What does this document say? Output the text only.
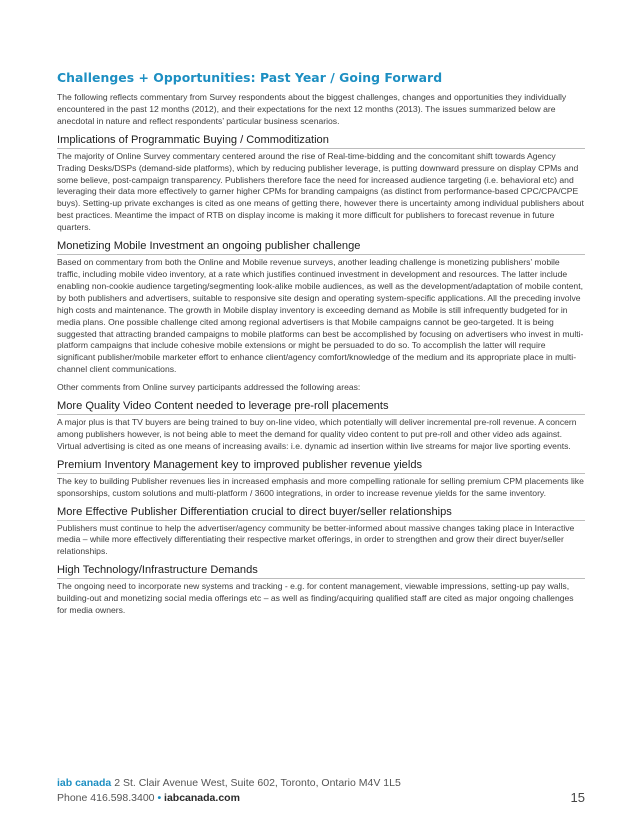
Challenges + Opportunities: Past Year / Going Forward

The following reflects commentary from Survey respondents about the biggest challenges, changes and opportunities they individually encountered in the past 12 months (2012), and their expectations for the next 12 months (2013). The issues summarized below are anecdotal in nature and reflect respondents’ particular business scenarios.

Implications of Programmatic Buying / Commoditization

The majority of Online Survey commentary centered around the rise of Real-time-bidding and the concomitant shift towards Agency Trading Desks/DSPs (demand-side platforms), which by reducing publisher leverage, is putting downward pressure on display CPMs and some believe, post-campaign transparency. Publishers therefore face the need for increased audience targeting (i.e. behavioral etc) and leveraging their data more effectively to garner higher CPMs for branding campaigns (as distinct from performance-based CPC/CPA/CPE buys). Setting-up private exchanges is cited as one means of getting there, however there is uncertainty among individual publishers about best practices. Meantime the impact of RTB on display income is making it more difficult for publishers to forecast revenue in future quarters.

Monetizing Mobile Investment an ongoing publisher challenge

Based on commentary from both the Online and Mobile revenue surveys, another leading challenge is monetizing publishers’ mobile traffic, including mobile video inventory, at a rate which justifies continued investment in development and resources. The latter include enabling non-cookie audience targeting/segmenting look-alike mobile audiences, as well as the development/adaptation of mobile content, by both publishers and advertisers, suitable to responsive site design and operating system-specific applications. All the preceding involve high costs and maintenance. The growth in Mobile display inventory is exceeding demand as Mobile is still infrequently budgeted for in media plans. One possible challenge cited among regional advertisers is that Mobile campaigns cannot be geo-targeted. It is being suggested that attracting branded campaigns to mobile platforms can best be accomplished by focusing on advertisers who invest in multi-platform campaigns that include cohesive mobile extensions or might be persuaded to do so. To accomplish the latter will require significant publisher/mobile marketer effort to enhance client/agency comfort/knowledge of the medium and its appropriate place in multi-channel client communications.

Other comments from Online survey participants addressed the following areas:

More Quality Video Content needed to leverage pre-roll placements

A major plus is that TV buyers are being trained to buy on-line video, which potentially will deliver incremental pre-roll revenue. A concern among publishers however, is not being able to meet the demand for quality video content to put pre-roll and other video ads against. Virtual advertising is cited as one means of increasing avails: i.e. dynamic ad insertion within live streams for major live sporting events.

Premium Inventory Management key to improved publisher revenue yields

The key to building Publisher revenues lies in increased emphasis and more compelling rationale for selling premium CPM placements like sponsorships, custom solutions and multi-platform / 3600 integrations, in order to increase revenue yields for the same inventory.

More Effective Publisher Differentiation crucial to direct buyer/seller relationships

Publishers must continue to help the advertiser/agency community be better-informed about massive changes taking place in Interactive media – while more effectively differentiating their respective market offerings, in order to strengthen and grow their direct buyer/seller relationships.

High Technology/Infrastructure Demands

The ongoing need to incorporate new systems and tracking - e.g. for content management, viewable impressions, setting-up pay walls, building-out and monetizing social media offerings etc – as well as finding/acquiring qualified staff are cited as major ongoing challenges for media owners.

iab canada 2 St. Clair Avenue West, Suite 602, Toronto, Ontario M4V 1L5
Phone 416.598.3400 • iabcanada.com	15
